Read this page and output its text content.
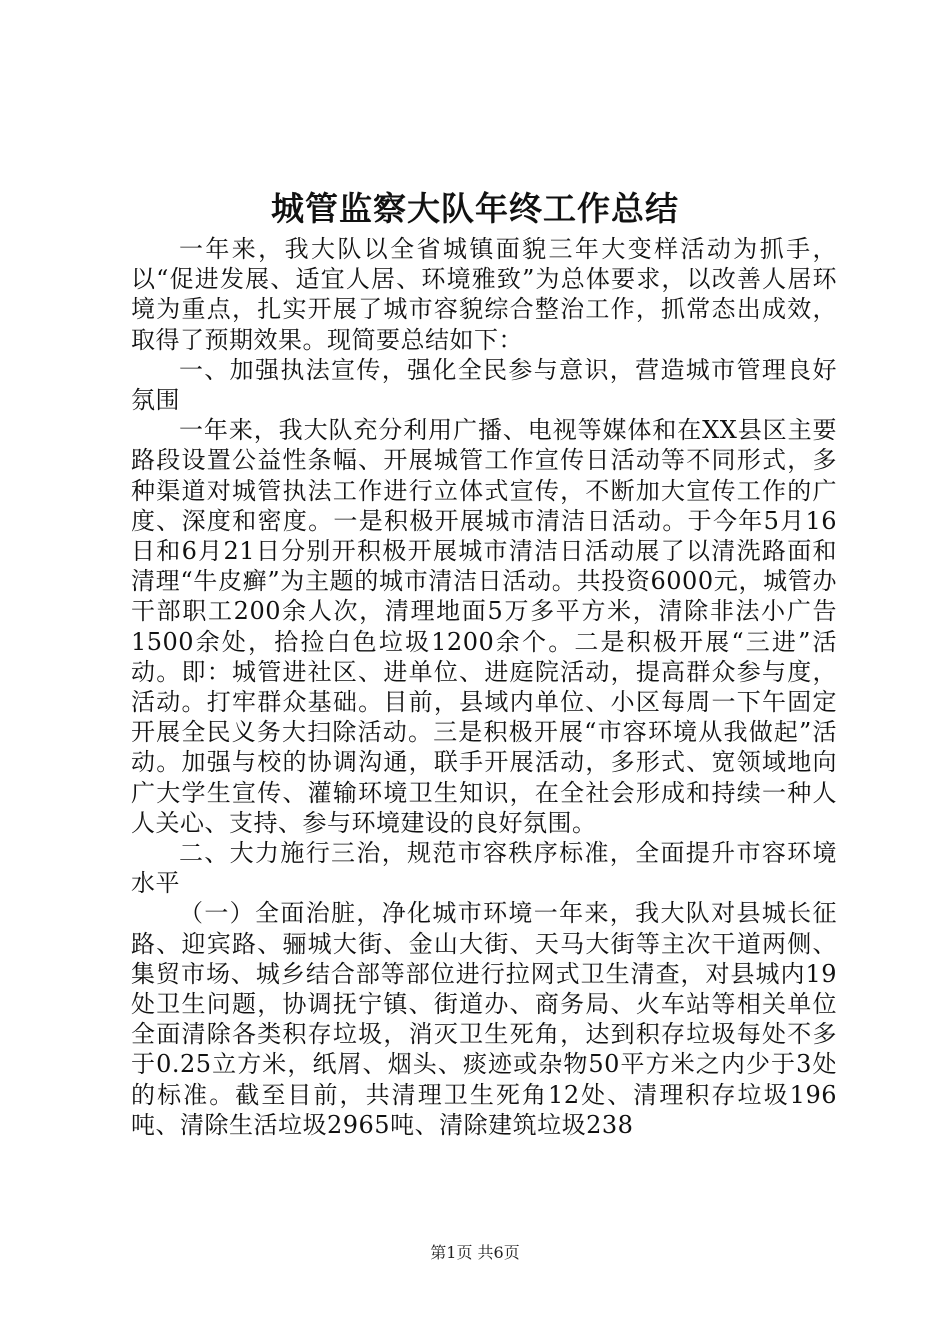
城管监察大队年终工作总结

一年来，我大队以全省城镇面貌三年大变样活动为抓手，以“促进发展、适宜人居、环境雅致”为总体要求，以改善人居环境为重点，扎实开展了城市容貌综合整治工作，抓常态出成效，取得了预期效果。现简要总结如下：

一、加强执法宣传，强化全民参与意识，营造城市管理良好氛围

一年来，我大队充分利用广播、电视等媒体和在XX县区主要路段设置公益性条幅、开展城管工作宣传日活动等不同形式，多种渠道对城管执法工作进行立体式宣传，不断加大宣传工作的广度、深度和密度。一是积极开展城市清洁日活动。于今年5月16日和6月21日分别开积极开展城市清洁日活动展了以清洗路面和清理“牛皮癣”为主题的城市清洁日活动。共投资6000元，城管办干部职工200余人次，清理地面5万多平方米，清除非法小广告1500余处，拾捡白色垃圾1200余个。二是积极开展“三进”活动。即：城管进社区、进单位、进庭院活动，提高群众参与度，活动。打牢群众基础。目前，县域内单位、小区每周一下午固定开展全民义务大扫除活动。三是积极开展“市容环境从我做起”活动。加强与校的协调沟通，联手开展活动，多形式、宽领域地向广大学生宣传、灌输环境卫生知识，在全社会形成和持续一种人人关心、支持、参与环境建设的良好氛围。

二、大力施行三治，规范市容秩序标准，全面提升市容环境水平

（一）全面治脏，净化城市环境一年来，我大队对县城长征路、迎宾路、骊城大街、金山大街、天马大街等主次干道两侧、集贸市场、城乡结合部等部位进行拉网式卫生清查，对县城内19处卫生问题，协调抚宁镇、街道办、商务局、火车站等相关单位全面清除各类积存垃圾，消灭卫生死角，达到积存垃圾每处不多于0.25立方米，纸屑、烟头、痰迹或杂物50平方米之内少于3处的标准。截至目前，共清理卫生死角12处、清理积存垃圾196吨、清除生活垃圾2965吨、清除建筑垃圾238

第1页 共6页
